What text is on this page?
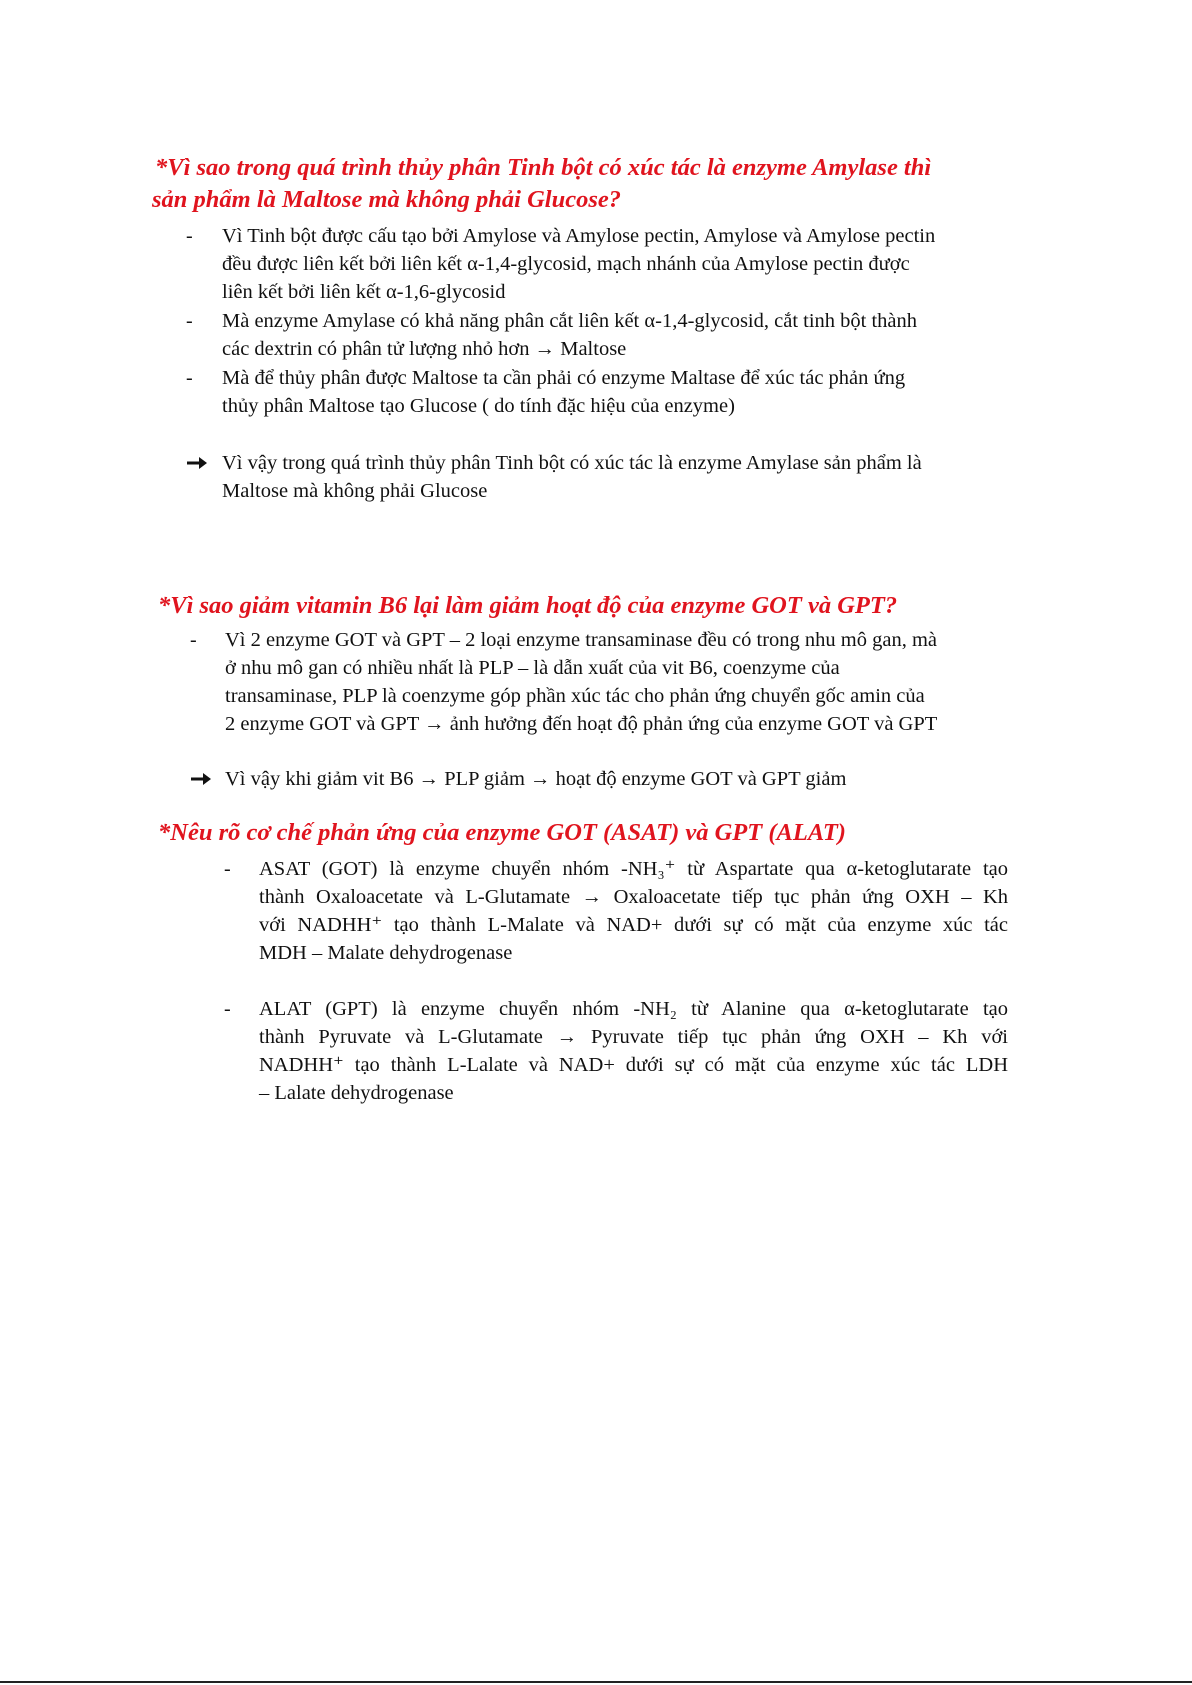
*Vì sao trong quá trình thủy phân Tinh bột có xúc tác là enzyme Amylase thì
sản phẩm là Maltose mà không phải Glucose?
-	Vì Tinh bột được cấu tạo bởi Amylose và Amylose pectin, Amylose và Amylose pectin
đều được liên kết bởi liên kết α-1,4-glycosid, mạch nhánh của Amylose pectin được
liên kết bởi liên kết α-1,6-glycosid
-	Mà enzyme Amylase có khả năng phân cắt liên kết α-1,4-glycosid, cắt tinh bột thành
các dextrin có phân tử lượng nhỏ hơn → Maltose
-	Mà để thủy phân được Maltose ta cần phải có enzyme Maltase để xúc tác phản ứng
thủy phân Maltose tạo Glucose ( do tính đặc hiệu của enzyme)
Vì vậy trong quá trình thủy phân Tinh bột có xúc tác là enzyme Amylase sản phẩm là
Maltose mà không phải Glucose
*Vì sao giảm vitamin B6 lại làm giảm hoạt độ của enzyme GOT và GPT?
-	Vì 2 enzyme GOT và GPT – 2 loại enzyme transaminase đều có trong nhu mô gan, mà
ở nhu mô gan có nhiều nhất là PLP – là dẫn xuất của vit B6, coenzyme của
transaminase, PLP là coenzyme góp phần xúc tác cho phản ứng chuyển gốc amin của
2 enzyme GOT và GPT → ảnh hưởng đến hoạt độ phản ứng của enzyme GOT và GPT
Vì vậy khi giảm vit B6 → PLP giảm → hoạt độ enzyme GOT và GPT giảm
*Nêu rõ cơ chế phản ứng của enzyme GOT (ASAT) và GPT (ALAT)
-	ASAT (GOT) là enzyme chuyển nhóm -NH₃⁺ từ Aspartate qua α-ketoglutarate tạo
thành Oxaloacetate và L-Glutamate → Oxaloacetate tiếp tục phản ứng OXH – Kh
với NADHH⁺ tạo thành L-Malate và NAD+ dưới sự có mặt của enzyme xúc tác
MDH – Malate dehydrogenase
-	ALAT (GPT) là enzyme chuyển nhóm -NH₂ từ Alanine qua α-ketoglutarate tạo
thành Pyruvate và L-Glutamate → Pyruvate tiếp tục phản ứng OXH – Kh với
NADHH⁺ tạo thành L-Lalate và NAD+ dưới sự có mặt của enzyme xúc tác LDH
– Lalate dehydrogenase
